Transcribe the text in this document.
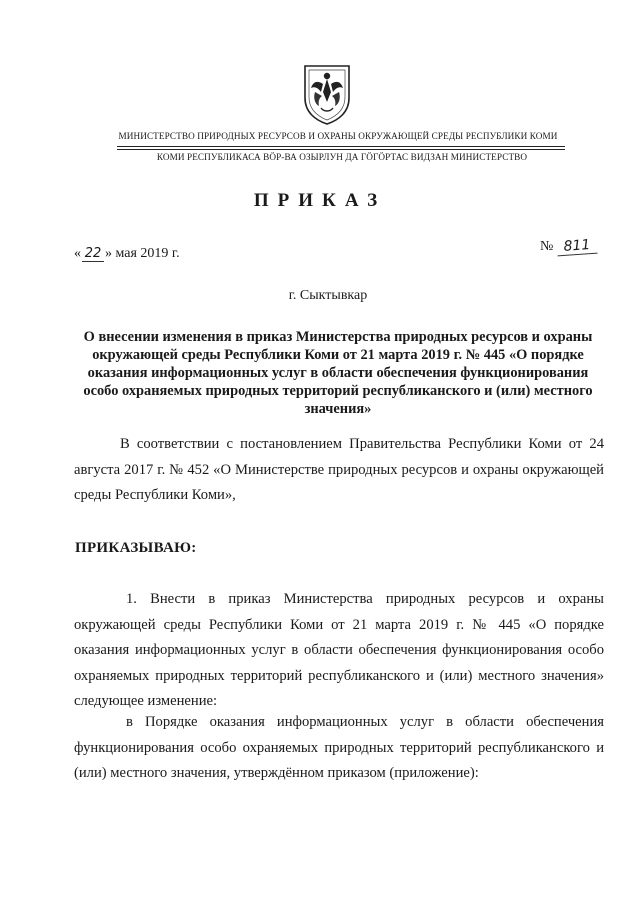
МИНИСТЕРСТВО ПРИРОДНЫХ РЕСУРСОВ И ОХРАНЫ ОКРУЖАЮЩЕЙ СРЕДЫ РЕСПУБЛИКИ КОМИ
КОМИ РЕСПУБЛИКАСА ВӦР-ВА ОЗЫРЛУН ДА ГӦГӦРТАС ВИДЗАН МИНИСТЕРСТВО
ПРИКАЗ
« 22 » мая 2019 г.	№ 811
г. Сыктывкар
О внесении изменения в приказ Министерства природных ресурсов и охраны окружающей среды Республики Коми от 21 марта 2019 г. № 445 «О порядке оказания информационных услуг в области обеспечения функционирования особо охраняемых природных территорий республиканского и (или) местного значения»
В соответствии с постановлением Правительства Республики Коми от 24 августа 2017 г. № 452 «О Министерстве природных ресурсов и охраны окружающей среды Республики Коми»,
ПРИКАЗЫВАЮ:
1. Внести в приказ Министерства природных ресурсов и охраны окружающей среды Республики Коми от 21 марта 2019 г. № 445 «О порядке оказания информационных услуг в области обеспечения функционирования особо охраняемых природных территорий республиканского и (или) местного значения» следующее изменение:
в Порядке оказания информационных услуг в области обеспечения функционирования особо охраняемых природных территорий республиканского и (или) местного значения, утверждённом приказом (приложение):
